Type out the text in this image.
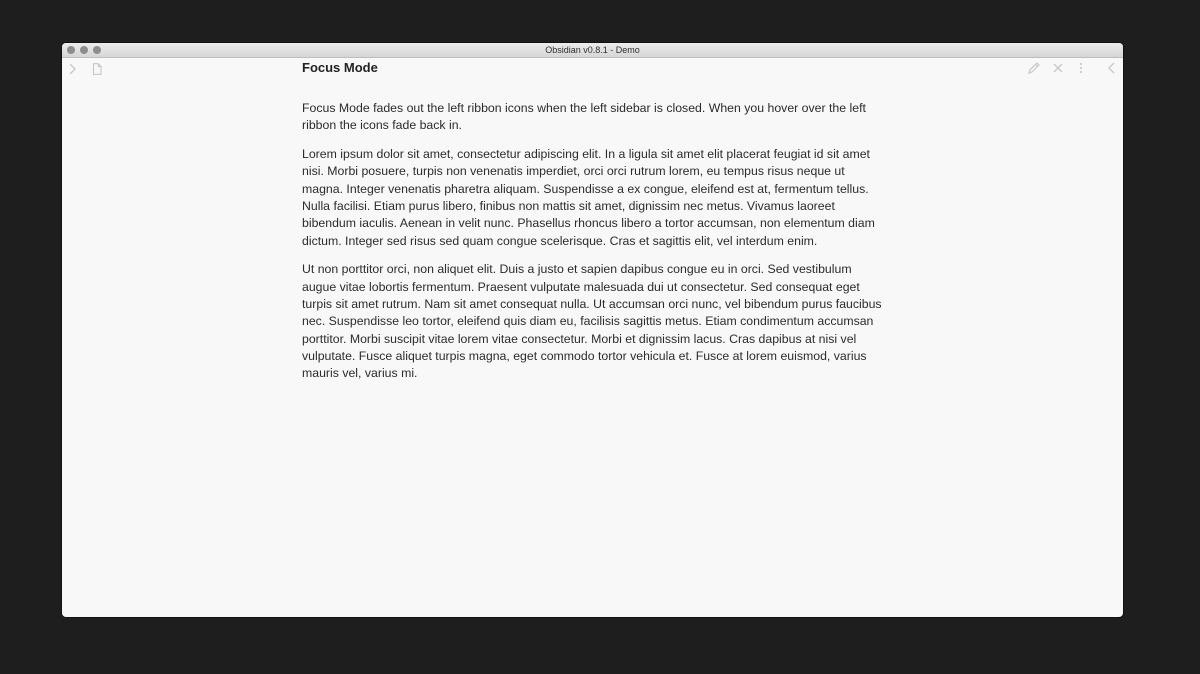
Obsidian v0.8.1 - Demo
Focus Mode

Focus Mode fades out the left ribbon icons when the left sidebar is closed. When you hover over the left ribbon the icons fade back in.

Lorem ipsum dolor sit amet, consectetur adipiscing elit. In a ligula sit amet elit placerat feugiat id sit amet nisi. Morbi posuere, turpis non venenatis imperdiet, orci orci rutrum lorem, eu tempus risus neque ut magna. Integer venenatis pharetra aliquam. Suspendisse a ex congue, eleifend est at, fermentum tellus. Nulla facilisi. Etiam purus libero, finibus non mattis sit amet, dignissim nec metus. Vivamus laoreet bibendum iaculis. Aenean in velit nunc. Phasellus rhoncus libero a tortor accumsan, non elementum diam dictum. Integer sed risus sed quam congue scelerisque. Cras et sagittis elit, vel interdum enim.

Ut non porttitor orci, non aliquet elit. Duis a justo et sapien dapibus congue eu in orci. Sed vestibulum augue vitae lobortis fermentum. Praesent vulputate malesuada dui ut consectetur. Sed consequat eget turpis sit amet rutrum. Nam sit amet consequat nulla. Ut accumsan orci nunc, vel bibendum purus faucibus nec. Suspendisse leo tortor, eleifend quis diam eu, facilisis sagittis metus. Etiam condimentum accumsan porttitor. Morbi suscipit vitae lorem vitae consectetur. Morbi et dignissim lacus. Cras dapibus at nisi vel vulputate. Fusce aliquet turpis magna, eget commodo tortor vehicula et. Fusce at lorem euismod, varius mauris vel, varius mi.
